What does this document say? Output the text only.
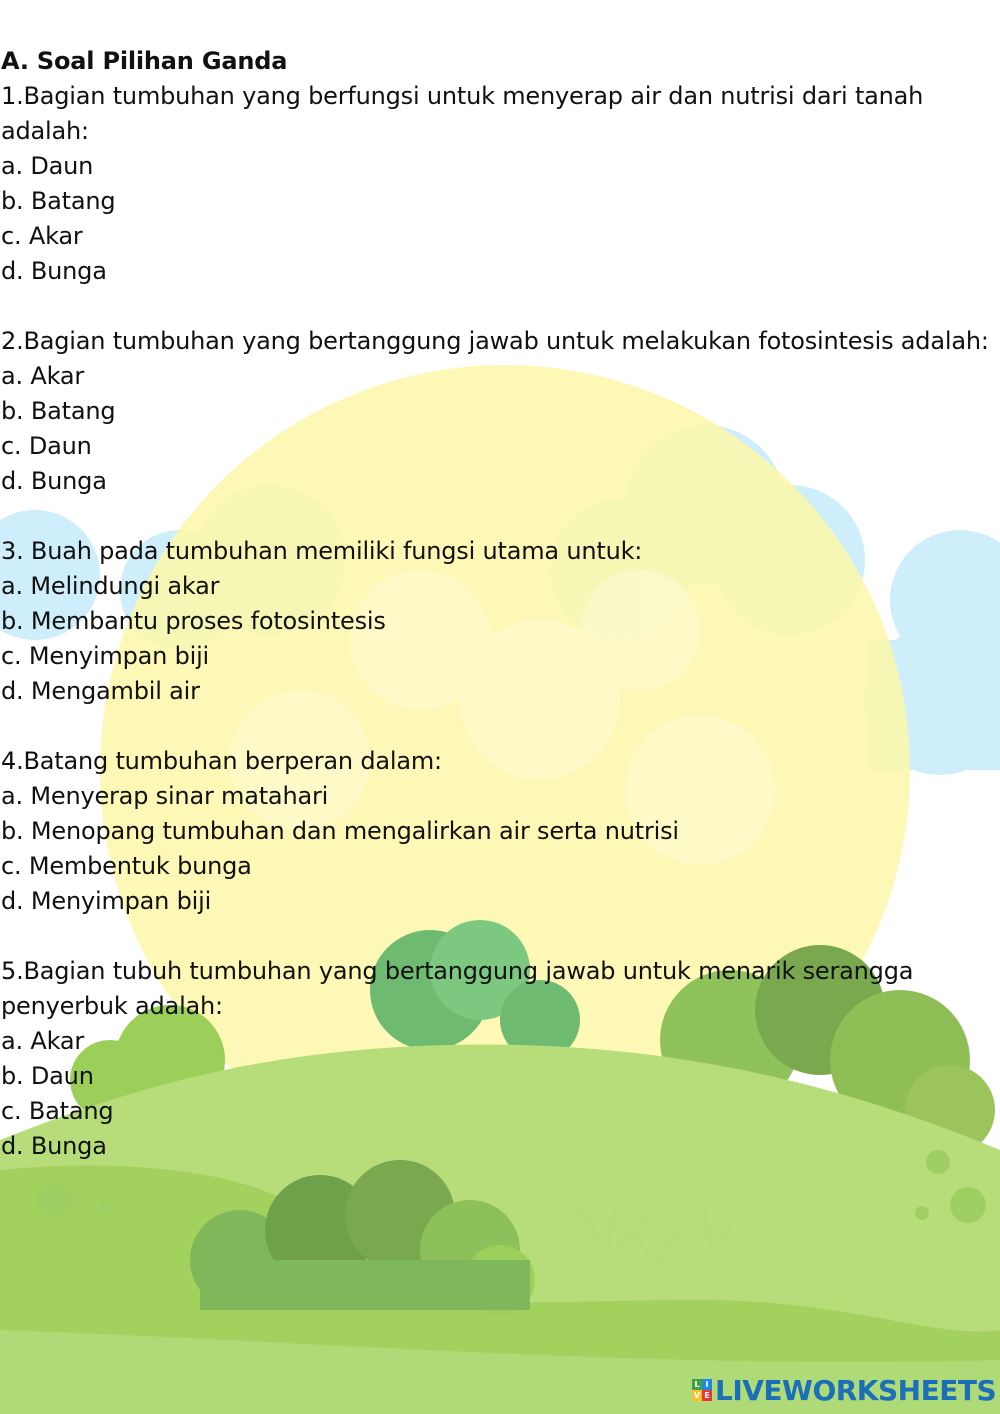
A. Soal Pilihan Ganda
1.Bagian tumbuhan yang berfungsi untuk menyerap air dan nutrisi dari tanah
adalah:
a. Daun
b. Batang
c. Akar
d. Bunga
2.Bagian tumbuhan yang bertanggung jawab untuk melakukan fotosintesis adalah:
a. Akar
b. Batang
c. Daun
d. Bunga
3. Buah pada tumbuhan memiliki fungsi utama untuk:
a. Melindungi akar
b. Membantu proses fotosintesis
c. Menyimpan biji
d. Mengambil air
4.Batang tumbuhan berperan dalam:
a. Menyerap sinar matahari
b. Menopang tumbuhan dan mengalirkan air serta nutrisi
c. Membentuk bunga
d. Menyimpan biji
5.Bagian tubuh tumbuhan yang bertanggung jawab untuk menarik serangga
penyerbuk adalah:
a. Akar
b. Daun
c. Batang
d. Bunga
L I
V E LIVEWORKSHEETS
